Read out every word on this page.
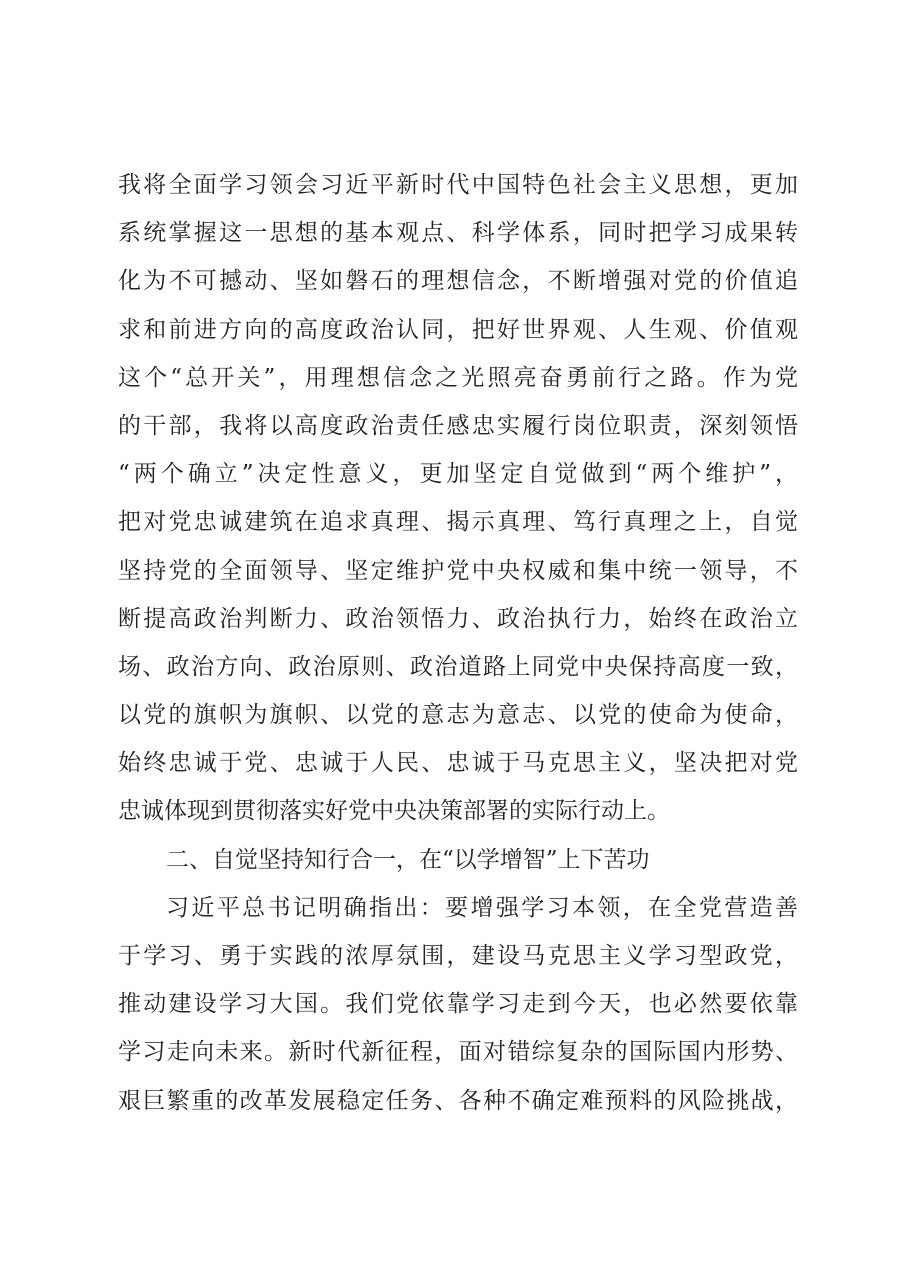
我将全面学习领会习近平新时代中国特色社会主义思想，更加
系统掌握这一思想的基本观点、科学体系，同时把学习成果转
化为不可撼动、坚如磐石的理想信念，不断增强对党的价值追
求和前进方向的高度政治认同，把好世界观、人生观、价值观
这个“总开关”，用理想信念之光照亮奋勇前行之路。作为党
的干部，我将以高度政治责任感忠实履行岗位职责，深刻领悟
“两个确立”决定性意义，更加坚定自觉做到“两个维护”，
把对党忠诚建筑在追求真理、揭示真理、笃行真理之上，自觉
坚持党的全面领导、坚定维护党中央权威和集中统一领导，不
断提高政治判断力、政治领悟力、政治执行力，始终在政治立
场、政治方向、政治原则、政治道路上同党中央保持高度一致，
以党的旗帜为旗帜、以党的意志为意志、以党的使命为使命，
始终忠诚于党、忠诚于人民、忠诚于马克思主义，坚决把对党
忠诚体现到贯彻落实好党中央决策部署的实际行动上。
二、自觉坚持知行合一，在“以学增智”上下苦功
习近平总书记明确指出：要增强学习本领，在全党营造善
于学习、勇于实践的浓厚氛围，建设马克思主义学习型政党，
推动建设学习大国。我们党依靠学习走到今天，也必然要依靠
学习走向未来。新时代新征程，面对错综复杂的国际国内形势、
艰巨繁重的改革发展稳定任务、各种不确定难预料的风险挑战，
